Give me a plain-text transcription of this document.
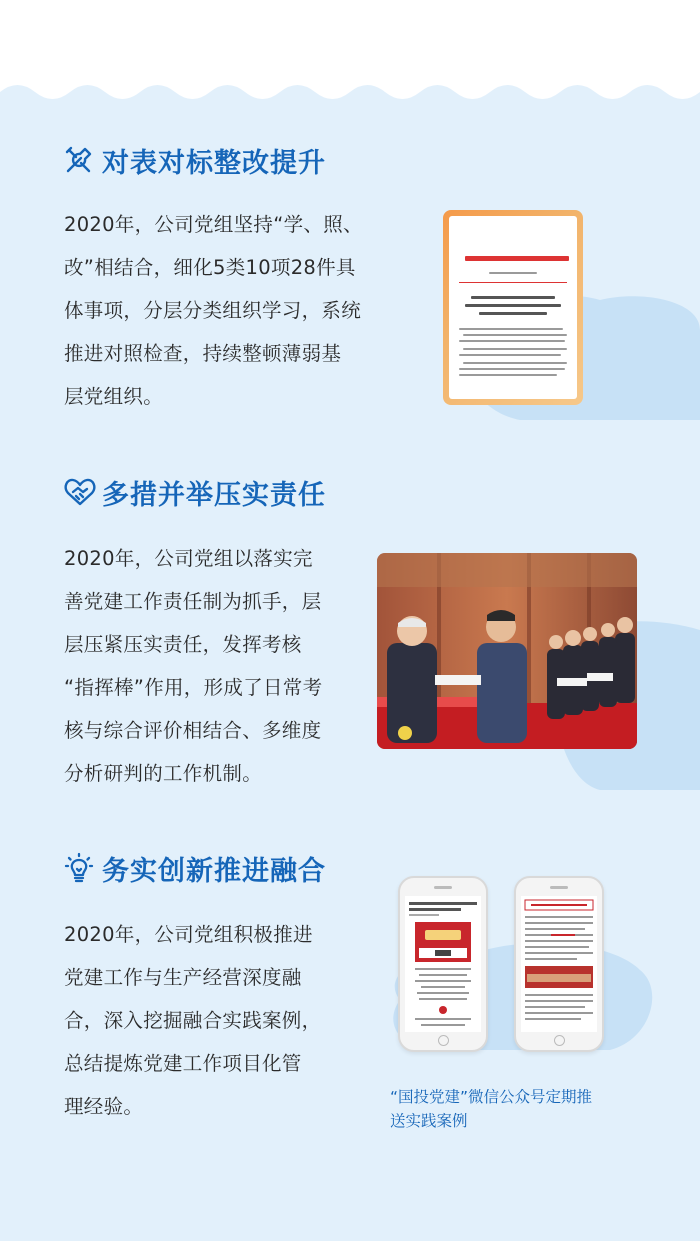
对表对标整改提升
2020年，公司党组坚持“学、照、
改”相结合，细化5类10项28件具
体事项，分层分类组织学习，系统
推进对照检查，持续整顿薄弱基
层党组织。
多措并举压实责任
2020年，公司党组以落实完
善党建工作责任制为抓手，层
层压紧压实责任，发挥考核
“指挥棒”作用，形成了日常考
核与综合评价相结合、多维度
分析研判的工作机制。
务实创新推进融合
2020年，公司党组积极推进
党建工作与生产经营深度融
合，深入挖掘融合实践案例，
总结提炼党建工作项目化管
理经验。	“国投党建”微信公众号定期推
送实践案例
